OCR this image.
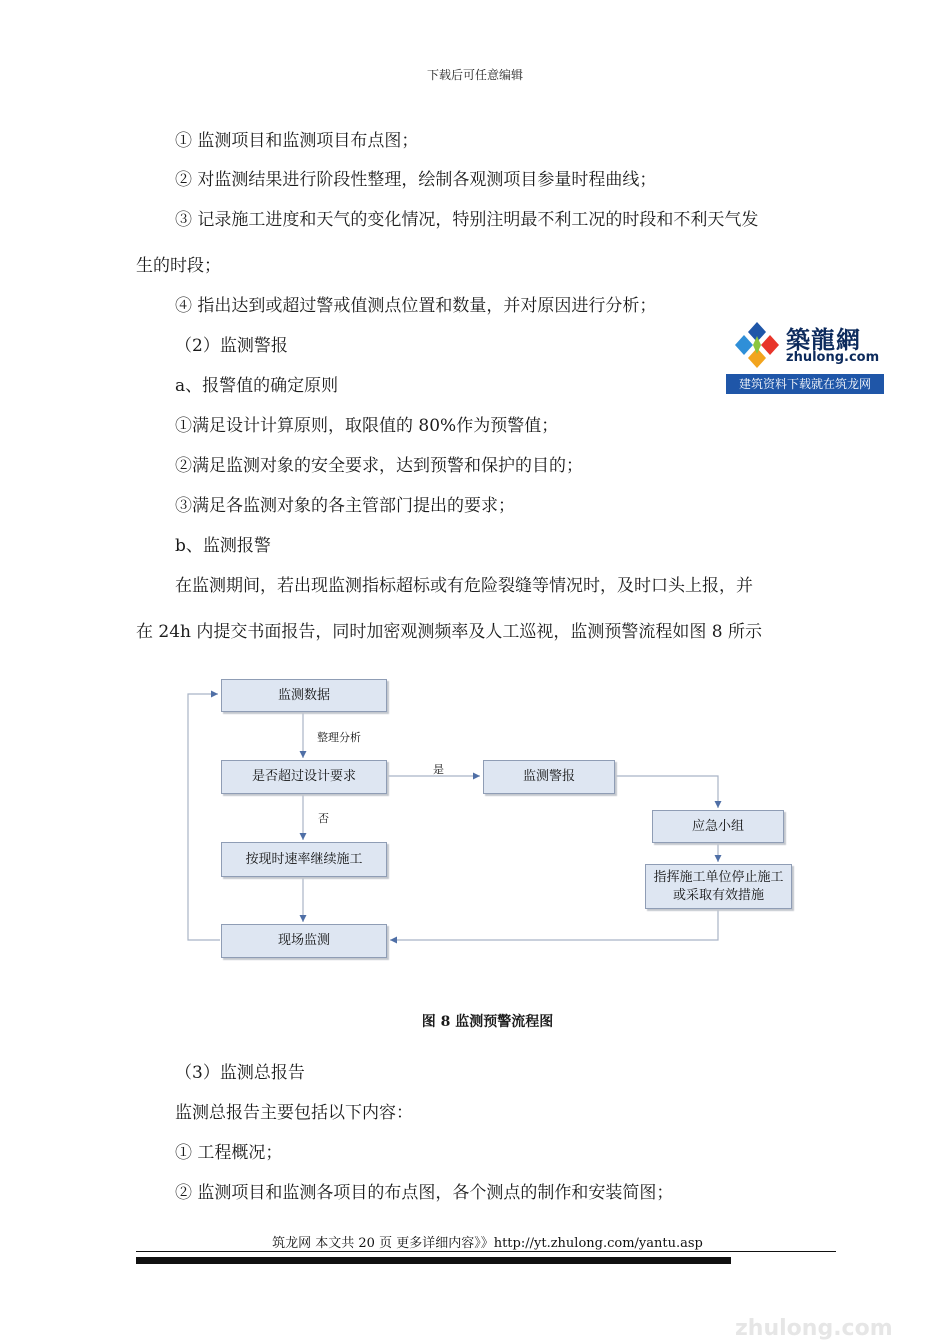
下载后可任意编辑
① 监测项目和监测项目布点图；
② 对监测结果进行阶段性整理，绘制各观测项目参量时程曲线；
③ 记录施工进度和天气的变化情况，特别注明最不利工况的时段和不利天气发
生的时段；
④ 指出达到或超过警戒值测点位置和数量，并对原因进行分析；
（2）监测警报
a、报警值的确定原则
①满足设计计算原则，取限值的 80%作为预警值；
②满足监测对象的安全要求，达到预警和保护的目的；
③满足各监测对象的各主管部门提出的要求；
b、监测报警
在监测期间，若出现监测指标超标或有危险裂缝等情况时，及时口头上报，并
在 24h 内提交书面报告，同时加密观测频率及人工巡视，监测预警流程如图 8 所示
築龍網
zhulong.com
建筑资料下载就在筑龙网
监测数据
是否超过设计要求
按现时速率继续施工
现场监测
监测警报
应急小组
指挥施工单位停止施工
或采取有效措施
整理分析
是
否
图 8 监测预警流程图
（3）监测总报告
监测总报告主要包括以下内容：
① 工程概况；
② 监测项目和监测各项目的布点图，各个测点的制作和安装简图；
筑龙网 本文共 20 页 更多详细内容》》http://yt.zhulong.com/yantu.asp
zhulong.com
